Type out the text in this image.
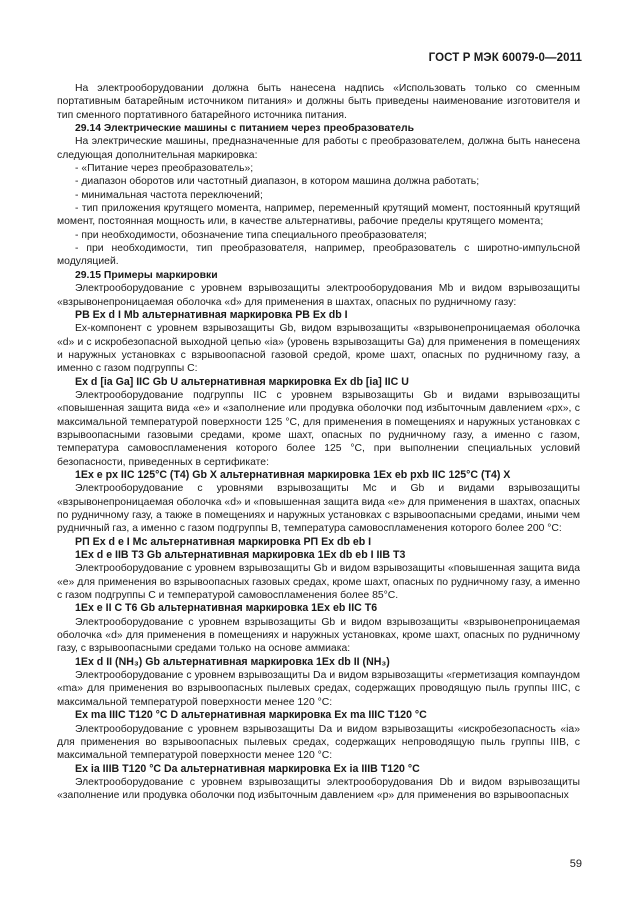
ГОСТ Р МЭК 60079-0—2011

На электрооборудовании должна быть нанесена надпись «Использовать только со сменным портативным батарейным источником питания» и должны быть приведены наименование изготовителя и тип сменного портативного батарейного источника питания.

29.14 Электрические машины с питанием через преобразователь

На электрические машины, предназначенные для работы с преобразователем, должна быть нанесена следующая дополнительная маркировка:

- «Питание через преобразователь»;

- диапазон оборотов или частотный диапазон, в котором машина должна работать;

- минимальная частота переключений;

- тип приложения крутящего момента, например, переменный крутящий момент, постоянный крутящий момент, постоянная мощность или, в качестве альтернативы, рабочие пределы крутящего момента;

- при необходимости, обозначение типа специального преобразователя;

- при необходимости, тип преобразователя, например, преобразователь с широтно-импульсной модуляцией.

29.15 Примеры маркировки

Электрооборудование с уровнем взрывозащиты электрооборудования Mb и видом взрывозащиты «взрывонепроницаемая оболочка «d» для применения в шахтах, опасных по рудничному газу:

PB Ex d I Mb альтернативная маркировка PB Ex db I

Ex-компонент с уровнем взрывозащиты Gb, видом взрывозащиты «взрывонепроницаемая оболочка «d» и с искробезопасной выходной цепью «ia» (уровень взрывозащиты Ga) для применения в помещениях и наружных установках с взрывоопасной газовой средой, кроме шахт, опасных по рудничному газу, а именно с газом подгруппы С:

Ex d [ia Ga] IIC Gb U альтернативная маркировка Ex db [ia] IIC U

Электрооборудование подгруппы IIC с уровнем взрывозащиты Gb и видами взрывозащиты «повышенная защита вида «е» и «заполнение или продувка оболочки под избыточным давлением «рх», с максимальной температурой поверхности 125 °С, для применения в помещениях и наружных установках с взрывоопасными газовыми средами, кроме шахт, опасных по рудничному газу, а именно с газом, температура самовоспламенения которого более 125 °С, при выполнении специальных условий безопасности, приведенных в сертификате:

1Ex e px IIC 125°C (T4) Gb X альтернативная маркировка 1Ex eb pxb IIC 125°C (T4) X

Электрооборудование с уровнями взрывозащиты Mc и Gb и видами взрывозащиты «взрывонепроницаемая оболочка «d» и «повышенная защита вида «е» для применения в шахтах, опасных по рудничному газу, а также в помещениях и наружных установках с взрывоопасными средами, иными чем рудничный газ, а именно с газом подгруппы В, температура самовоспламенения которого более 200 °С:

PП Ex d e I Mc альтернативная маркировка PП Ex db eb I

1Ex d e IIB T3 Gb альтернативная маркировка 1Ex db eb I IIB T3

Электрооборудование с уровнем взрывозащиты Gb и видом взрывозащиты «повышенная защита вида «е» для применения во взрывоопасных газовых средах, кроме шахт, опасных по рудничному газу, а именно с газом подгруппы С и температурой самовоспламенения более 85°С.

1Ex e II C T6 Gb альтернативная маркировка 1Ex eb IIC T6

Электрооборудование с уровнем взрывозащиты Gb и видом взрывозащиты «взрывонепроницаемая оболочка «d» для применения в помещениях и наружных установках, кроме шахт, опасных по рудничному газу, с взрывоопасными средами только на основе аммиака:

1Ex d II (NH₃) Gb альтернативная маркировка 1Ex db II (NH₃)

Электрооборудование с уровнем взрывозащиты Da и видом взрывозащиты «герметизация компаундом «ma» для применения во взрывоопасных пылевых средах, содержащих проводящую пыль группы IIIC, с максимальной температурой поверхности менее 120 °С:

Ex ma IIIC T120 °C D альтернативная маркировка Ex ma IIIC T120 °C

Электрооборудование с уровнем взрывозащиты Da и видом взрывозащиты «искробезопасность «ia» для применения во взрывоопасных пылевых средах, содержащих непроводящую пыль группы IIIB, с максимальной температурой поверхности менее 120 °С:

Ex ia IIIB T120 °C Da альтернативная маркировка Ex ia IIIB T120 °C

Электрооборудование с уровнем взрывозащиты электрооборудования Db и видом взрывозащиты «заполнение или продувка оболочки под избыточным давлением «р» для применения во взрывоопасных

59
